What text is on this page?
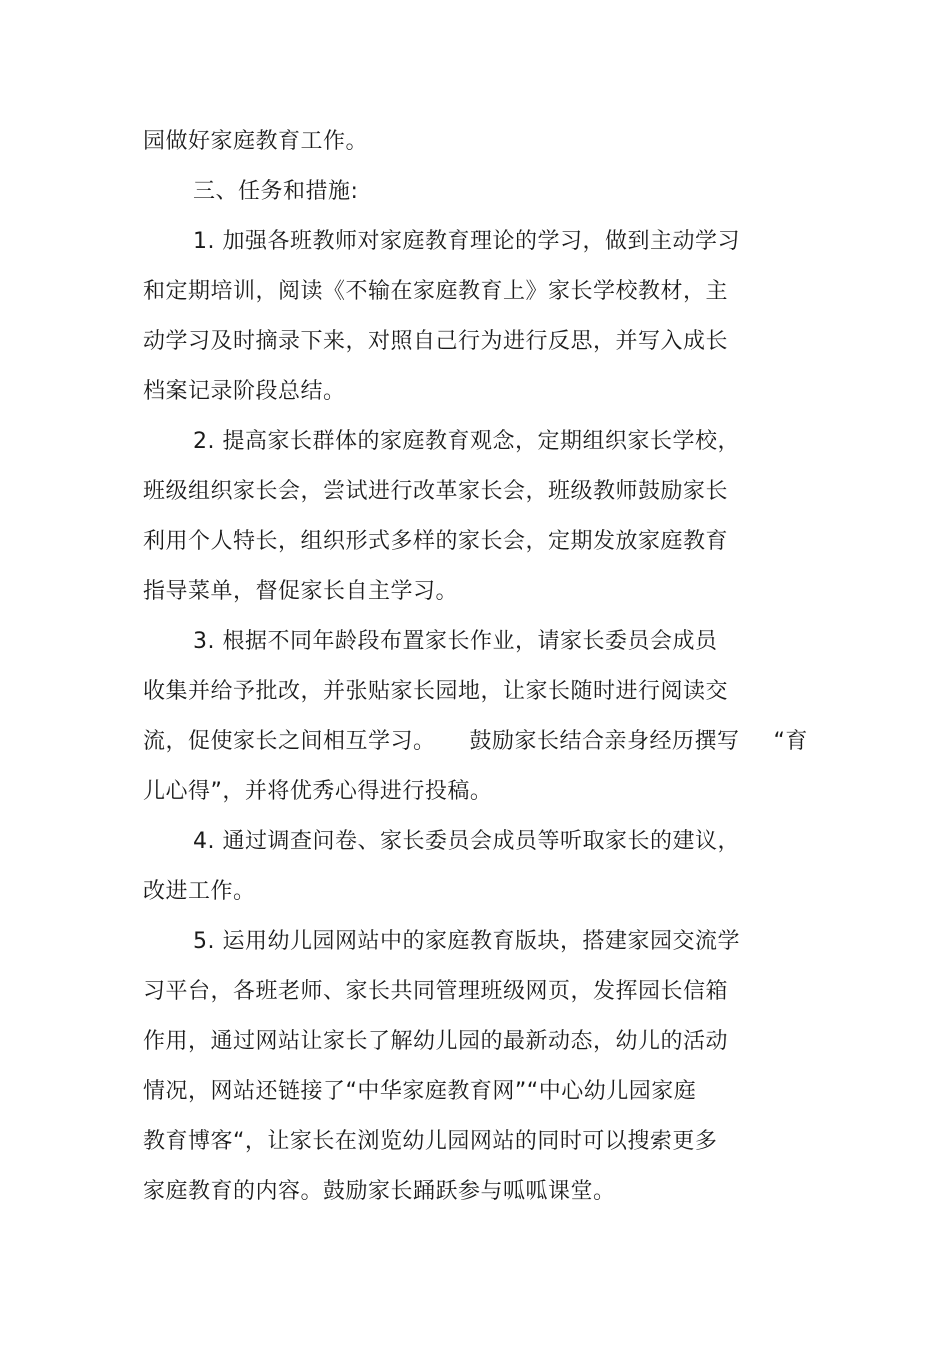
园做好家庭教育工作。
三、任务和措施:
1. 加强各班教师对家庭教育理论的学习，做到主动学习
和定期培训，阅读《不输在家庭教育上》家长学校教材，主
动学习及时摘录下来，对照自己行为进行反思，并写入成长
档案记录阶段总结。
2. 提高家长群体的家庭教育观念，定期组织家长学校，
班级组织家长会，尝试进行改革家长会，班级教师鼓励家长
利用个人特长，组织形式多样的家长会，定期发放家庭教育
指导菜单，督促家长自主学习。
3. 根据不同年龄段布置家长作业，请家长委员会成员
收集并给予批改，并张贴家长园地，让家长随时进行阅读交
流，促使家长之间相互学习。 鼓励家长结合亲身经历撰写 “育
儿心得”，并将优秀心得进行投稿。
4. 通过调查问卷、家长委员会成员等听取家长的建议，
改进工作。
5. 运用幼儿园网站中的家庭教育版块，搭建家园交流学
习平台，各班老师、家长共同管理班级网页，发挥园长信箱
作用，通过网站让家长了解幼儿园的最新动态，幼儿的活动
情况，网站还链接了“中华家庭教育网”“中心幼儿园家庭
教育博客“，让家长在浏览幼儿园网站的同时可以搜索更多
家庭教育的内容。鼓励家长踊跃参与呱呱课堂。
